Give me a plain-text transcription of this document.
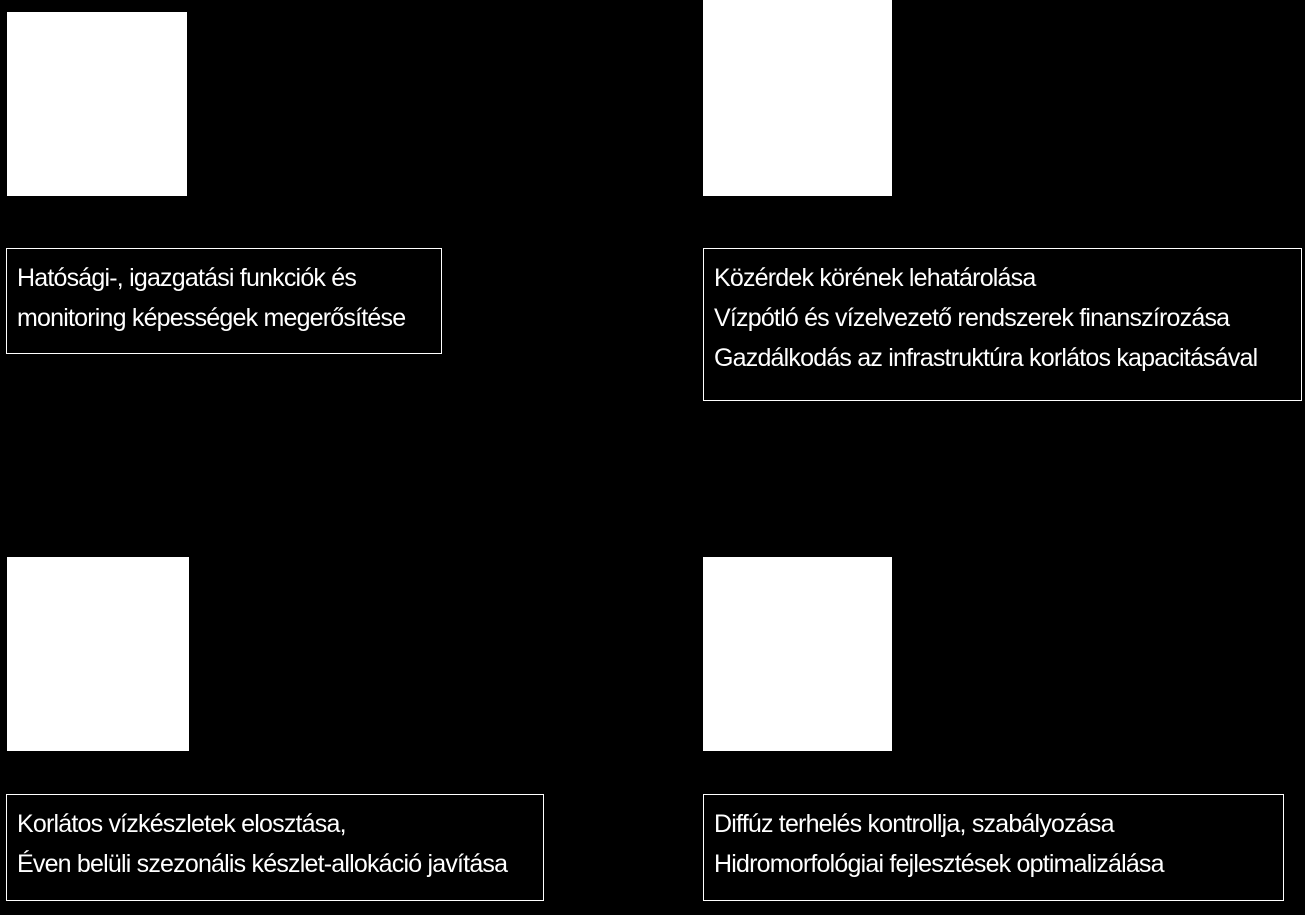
Hatósági-, igazgatási funkciók és
monitoring képességek megerősítése
Közérdek körének lehatárolása
Vízpótló és vízelvezető rendszerek finanszírozása
Gazdálkodás az infrastruktúra korlátos kapacitásával
Korlátos vízkészletek elosztása,
Éven belüli szezonális készlet-allokáció javítása
Diffúz terhelés kontrollja, szabályozása
Hidromorfológiai fejlesztések optimalizálása
